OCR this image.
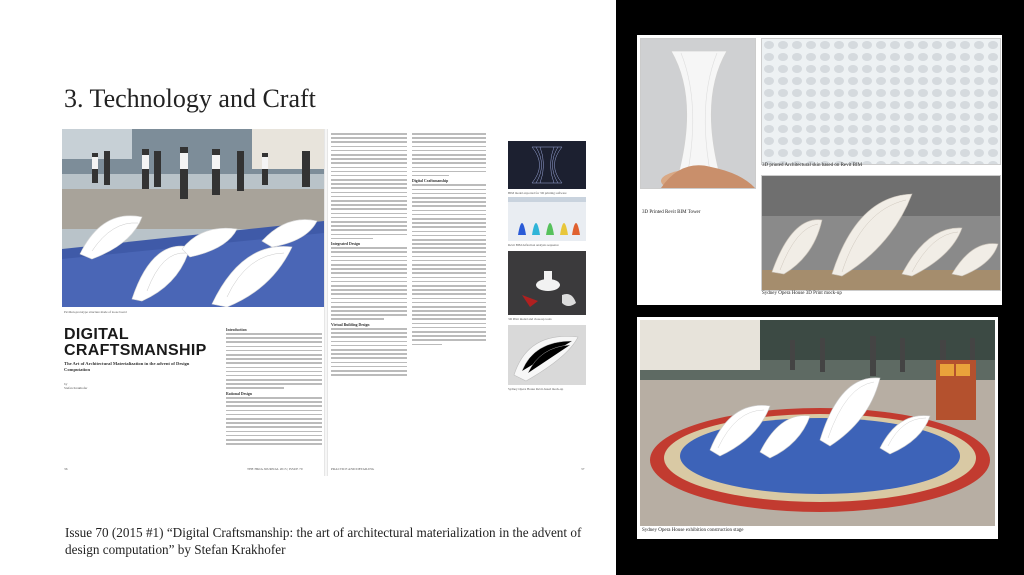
3. Technology and Craft
Pavilion-prototype structure made of loose board
DIGITAL
CRAFTSMANSHIP
The Art of Architectural Materialization in the advent of Design Computation
by
Stefan Krakhofer
Introduction
Rational Design
36	THE HKIA JOURNAL 2015 | ISSUE 70
Integrated Design
Virtual Building Design
Digital Craftsmanship
BIM model exported for 3D printing software
Revit BIM deflection analysis sequence
3D Print model and close-up tools
Sydney Opera House Revit-based mock-up
PRACTICE AND DETAILING	37
Issue 70 (2015 #1) “Digital Craftsmanship: the art of architectural materialization in the advent of design computation” by Stefan Krakhofer
3D printed Architectural skin based on Revit BIM
3D Printed Revit BIM Tower
Sydney Opera House 3D Print mock-up
Sydney Opera House exhibition construction stage
